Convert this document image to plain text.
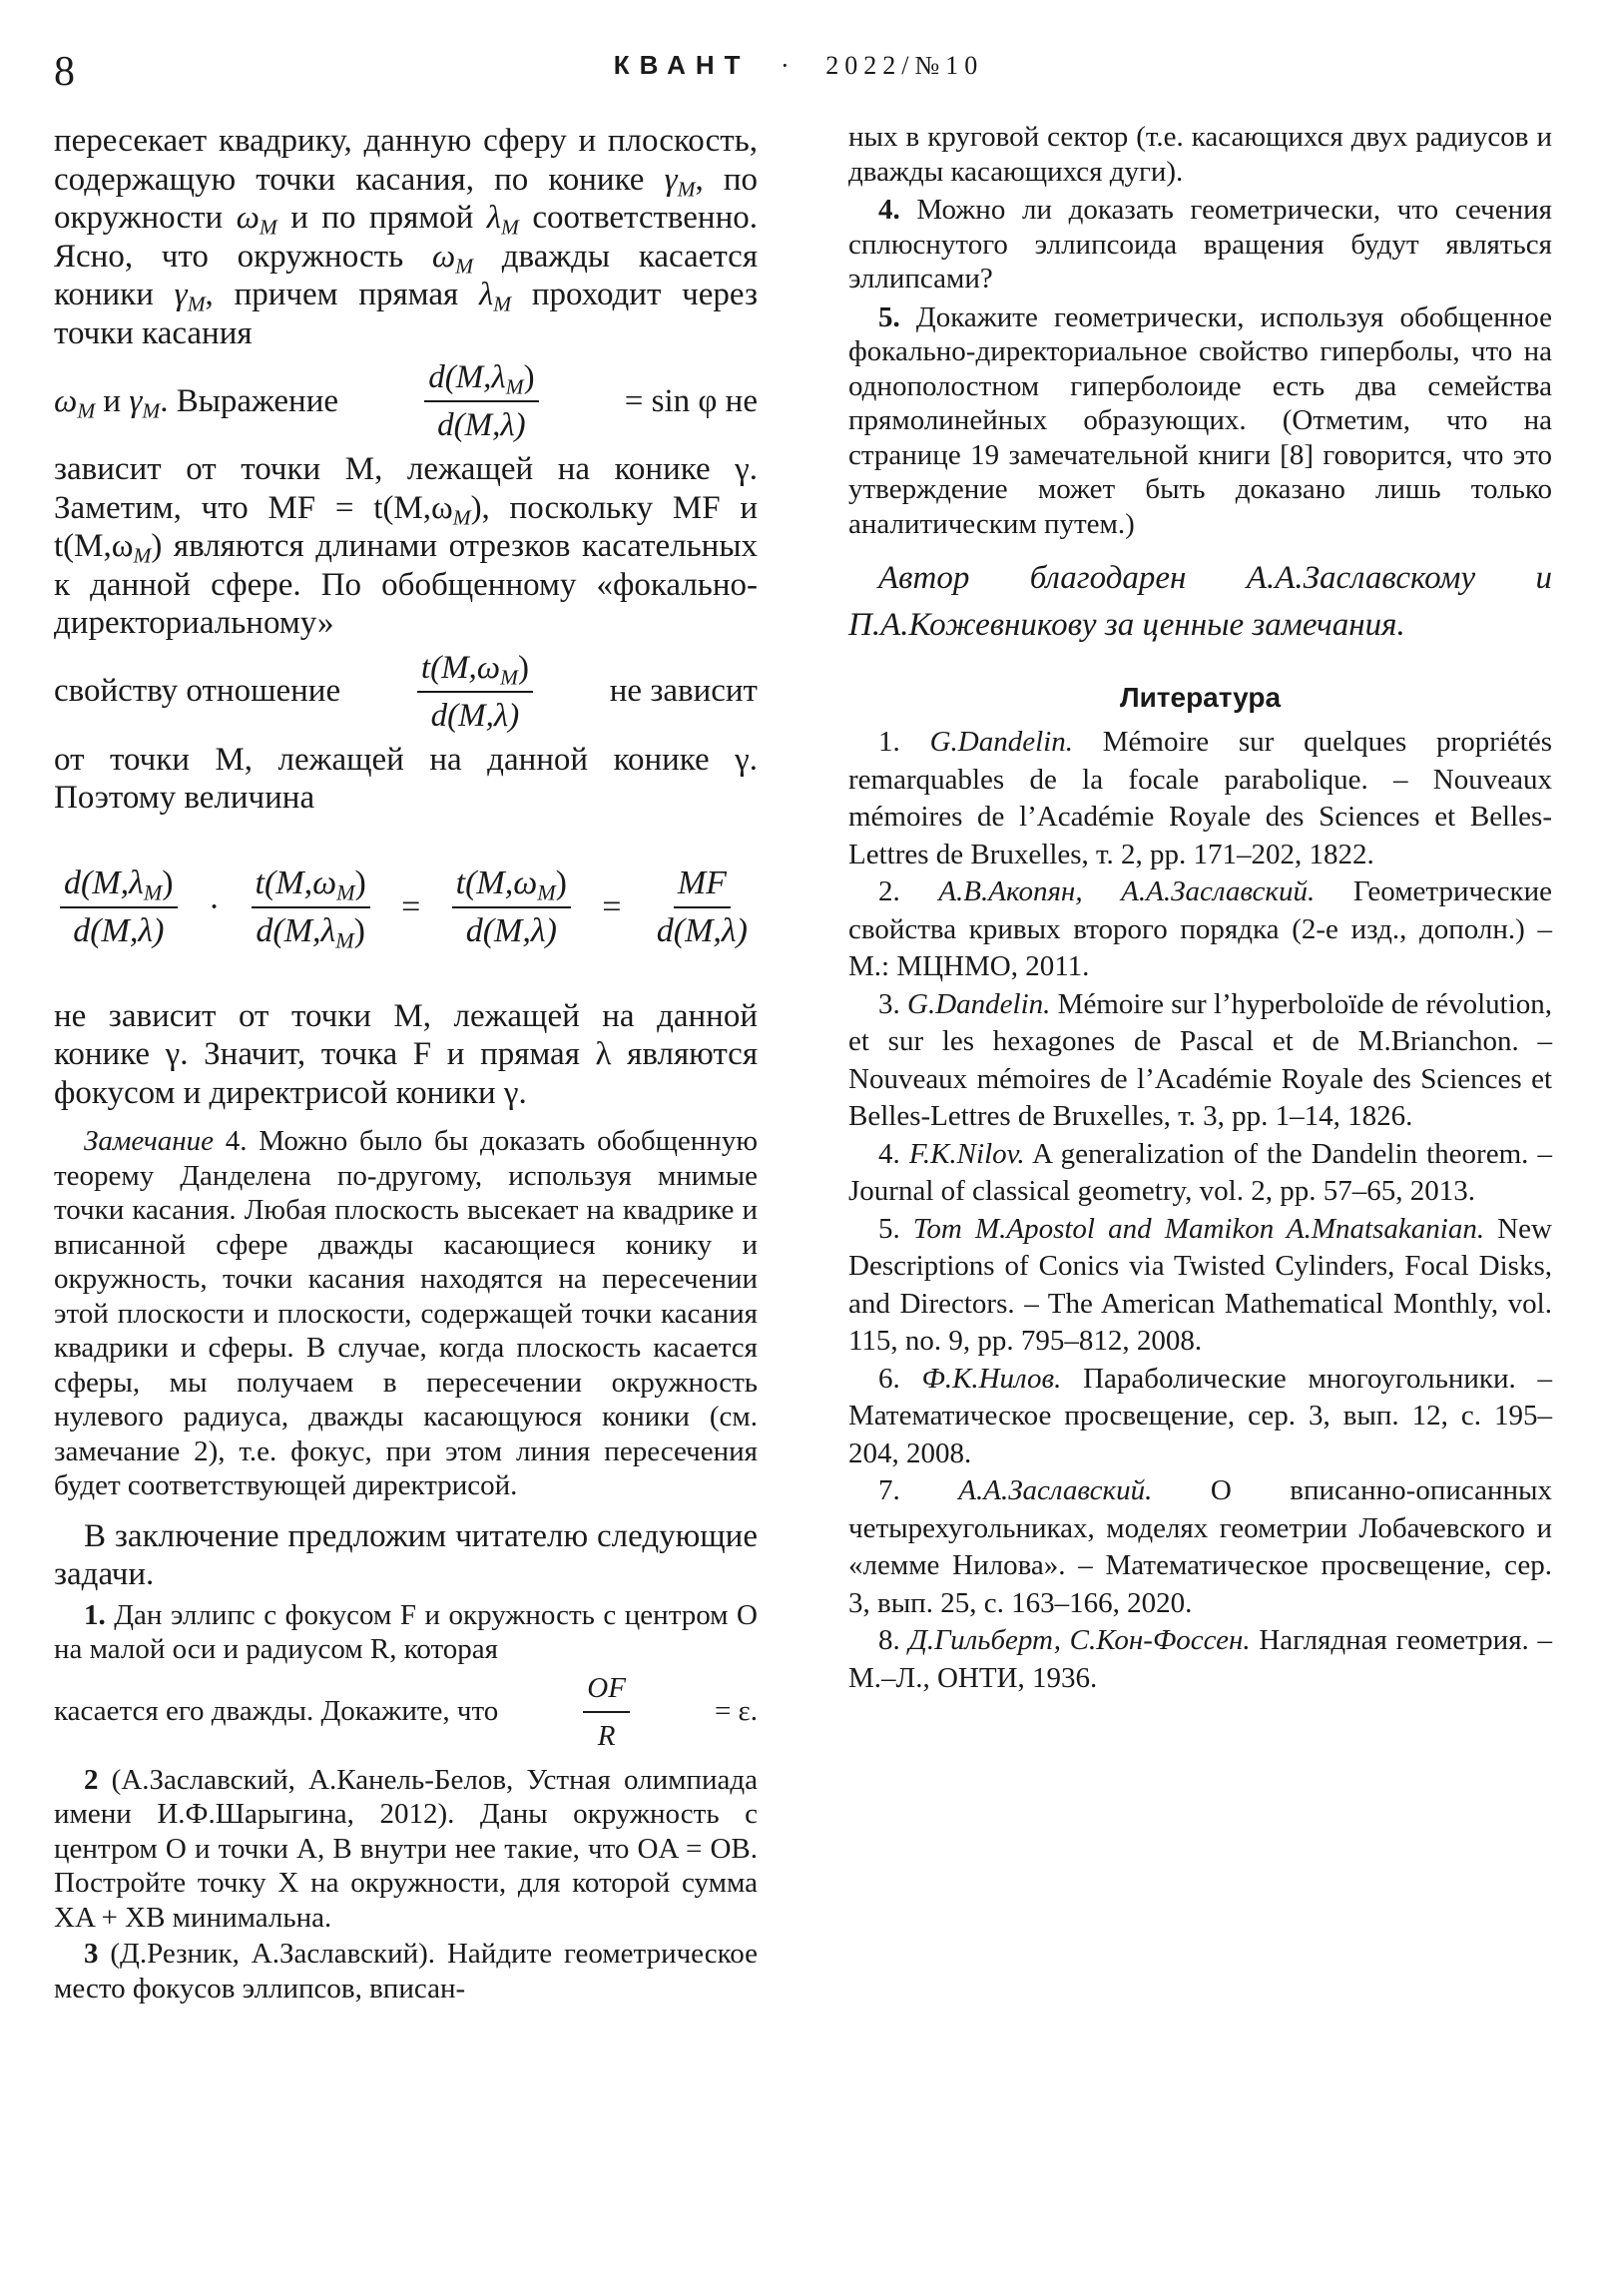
8	КВАНТ · 2022/№10

пересекает квадрику, данную сферу и плоскость, содержащую точки касания, по конике $\gamma_M$, по окружности $\omega_M$ и по прямой $\lambda_M$ соответственно. Ясно, что окружность $\omega_M$ дважды касается коники $\gamma_M$, причем прямая $\lambda_M$ проходит через точки касания

$\omega_M$ и $\gamma_M$. Выражение	$\frac{d(M,\lambda_M)}{d(M,\lambda)}$	= sin φ не

зависит от точки M, лежащей на конике γ. Заметим, что MF = $t(M,\omega_M)$, поскольку MF и $t(M,\omega_M)$ являются длинами отрезков касательных к данной сфере. По обобщенному «фокально-директориальному»

свойству отношение $\frac{t(M,\omega_M)}{d(M,\lambda)}$ не зависит

от точки M, лежащей на данной конике γ. Поэтому величина

$\frac{d(M,\lambda_M)}{d(M,\lambda)} \cdot \frac{t(M,\omega_M)}{d(M,\lambda_M)} = \frac{t(M,\omega_M)}{d(M,\lambda)} = \frac{MF}{d(M,\lambda)}$

не зависит от точки M, лежащей на данной конике γ. Значит, точка F и прямая λ являются фокусом и директрисой коники γ.

Замечание 4. Можно было бы доказать обобщенную теорему Данделена по-другому, используя мнимые точки касания. Любая плоскость высекает на квадрике и вписанной сфере дважды касающиеся конику и окружность, точки касания находятся на пересечении этой плоскости и плоскости, содержащей точки касания квадрики и сферы. В случае, когда плоскость касается сферы, мы получаем в пересечении окружность нулевого радиуса, дважды касающуюся коники (см. замечание 2), т.е. фокус, при этом линия пересечения будет соответствующей директрисой.

В заключение предложим читателю следующие задачи.

1. Дан эллипс с фокусом F и окружность с центром O на малой оси и радиусом R, которая

касается его дважды. Докажите, что	$\frac{OF}{R}$	= ε.

2 (А.Заславский, А.Канель-Белов, Устная олимпиада имени И.Ф.Шарыгина, 2012). Даны окружность с центром O и точки A, B внутри нее такие, что OA = OB. Постройте точку X на окружности, для которой сумма XA + XB минимальна.

3 (Д.Резник, А.Заславский). Найдите геометрическое место фокусов эллипсов, вписан-

ных в круговой сектор (т.е. касающихся двух радиусов и дважды касающихся дуги).

4. Можно ли доказать геометрически, что сечения сплюснутого эллипсоида вращения будут являться эллипсами?

5. Докажите геометрически, используя обобщенное фокально-директориальное свойство гиперболы, что на однополостном гиперболоиде есть два семейства прямолинейных образующих. (Отметим, что на странице 19 замечательной книги [8] говорится, что это утверждение может быть доказано лишь только аналитическим путем.)

Автор благодарен А.А.Заславскому и П.А.Кожевникову за ценные замечания.

Литература

1. G.Dandelin. Mémoire sur quelques propriétés remarquables de la focale parabolique. – Nouveaux mémoires de l’Académie Royale des Sciences et Belles-Lettres de Bruxelles, т. 2, pp. 171–202, 1822.

2. А.В.Акопян, А.А.Заславский. Геометрические свойства кривых второго порядка (2-е изд., дополн.) – М.: МЦНМО, 2011.

3. G.Dandelin. Mémoire sur l’hyperboloïde de révolution, et sur les hexagones de Pascal et de M.Brianchon. – Nouveaux mémoires de l’Académie Royale des Sciences et Belles-Lettres de Bruxelles, т. 3, pp. 1–14, 1826.

4. F.K.Nilov. A generalization of the Dandelin theorem. – Journal of classical geometry, vol. 2, pp. 57–65, 2013.

5. Tom M.Apostol and Mamikon A.Mnatsakanian. New Descriptions of Conics via Twisted Cylinders, Focal Disks, and Directors. – The American Mathematical Monthly, vol. 115, no. 9, pp. 795–812, 2008.

6. Ф.К.Нилов. Параболические многоугольники. – Математическое просвещение, сер. 3, вып. 12, с. 195–204, 2008.

7. А.А.Заславский. О вписанно-описанных четырехугольниках, моделях геометрии Лобачевского и «лемме Нилова». – Математическое просвещение, сер. 3, вып. 25, с. 163–166, 2020.

8. Д.Гильберт, С.Кон-Фоссен. Наглядная геометрия. – М.–Л., ОНТИ, 1936.
